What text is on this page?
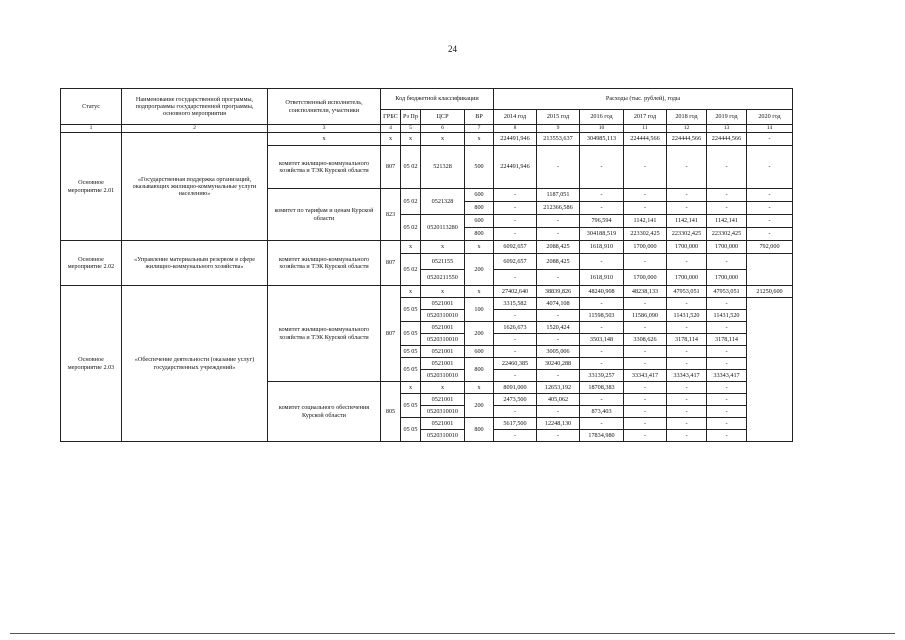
24
Статус	Наименование государственной программы, подпрограммы государственной программы, основного мероприятия	Ответственный исполнитель, соисполнители, участники	Код бюджетной классификации				Расходы (тыс. рублей), годы						
			ГРБС	Рз Пр	ЦСР	ВР	2014 год	2015 год	2016 год	2017 год	2018 год	2019 год	2020 год
1	2	3	4	5	6	7	8	9	10	11	12	13	14
Основное мероприятие 2.01	«Государственная поддержка организаций, оказывающих жилищно-коммунальные услуги населению»	х	х	х	х	х	224491,946	213553,637	304985,113	224444,566	224444,566	224444,566	-
		комитет жилищно-коммунального хозяйства и ТЭК Курской области	807	05 02	521328	500	224491,946	-	-	-	-	-	-
		комитет по тарифам и ценам Курской области	823	05 02	0521328	600	-	1187,051	-	-	-	-	-
						800	-	212366,586	-	-	-	-	-
				05 02	0520113280	600	-	-	796,594	1142,141	1142,141	1142,141	-
						800	-	-	304188,519	223302,425	223302,425	223302,425	-
Основное мероприятие 2.02	«Управление материальным резервом в сфере жилищно-коммунального хозяйства»	комитет жилищно-коммунального хозяйства и ТЭК Курской области	807	х	х	х	6092,657	2088,425	1618,910	1700,000	1700,000	1700,000	792,000
				05 02	0521155	200	6092,657	2088,425	-	-	-	-	
					0520211550		-	-	1618,910	1700,000	1700,000	1700,000	
Основное мероприятие 2.03	«Обеспечение деятельности (оказание услуг) государственных учреждений»	комитет жилищно-коммунального хозяйства и ТЭК Курской области	807	х	х	х	27402,640	38839,826	48240,908	48238,133	47953,051	47953,051	21250,600
				05 05	0521001	100	3315,582	4074,108	-	-	-	-	
					0520310010		-	-	11598,503	11586,090	11431,520	11431,520	
				05 05	0521001	200	1626,673	1520,424	-	-	-	-	
					0520310010		-	-	3503,148	3308,626	3178,114	3178,114	
				05 05	0521001	600	-	3005,006	-	-	-	-	
				05 05	0521001	800	22460,385	30240,288	-	-	-	-	
					0520310010		-	-	33139,257	33343,417	33343,417	33343,417	
		комитет социального обеспечения Курской области	805	х	х	х	8091,000	12653,192	18708,383	-	-	-	
				05 05	0521001	200	2473,500	405,062	-	-	-	-	
					0520310010		-	-	873,403	-	-	-	
				05 05	0521001	800	5617,500	12248,130	-	-	-	-	
					0520310010		-	-	17834,980	-	-	-	
